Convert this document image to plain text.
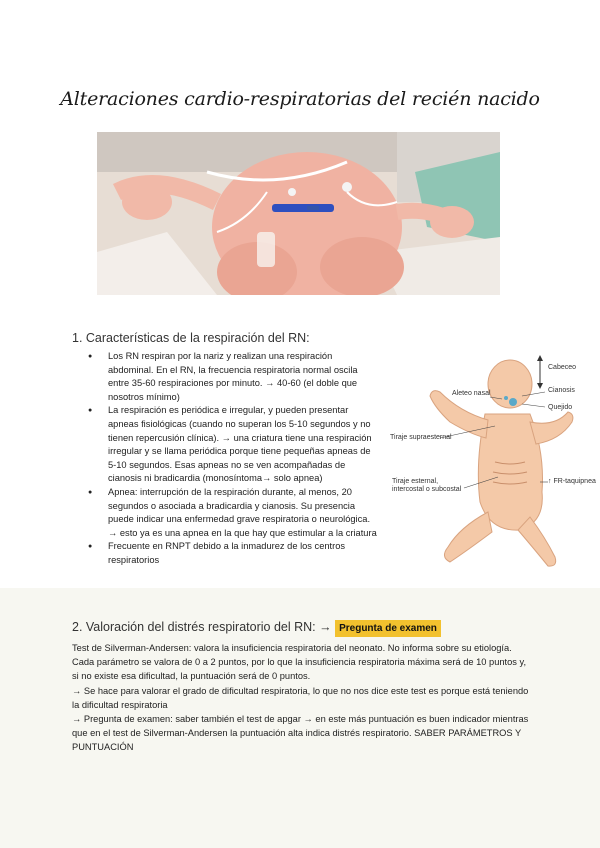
Alteraciones cardio-respiratorias del recién nacido
1. Características de la respiración del RN:
● Los RN respiran por la nariz y realizan una respiración abdominal. En el RN, la frecuencia respiratoria normal oscila entre 35-60 respiraciones por minuto. → 40-60 (el doble que nosotros mínimo)
● La respiración es periódica e irregular, y pueden presentar apneas fisiológicas (cuando no superan los 5-10 segundos y no tienen repercusión clínica). → una criatura tiene una respiración irregular y se llama periódica porque tiene pequeñas apneas de 5-10 segundos. Esas apneas no se ven acompañadas de cianosis ni bradicardia (monosíntoma→ solo apnea)
● Apnea: interrupción de la respiración durante, al menos, 20 segundos o asociada a bradicardia y cianosis. Su presencia puede indicar una enfermedad grave respiratoria o neurológica. → esto ya es una apnea en la que hay que estimular a la criatura
● Frecuente en RNPT debido a la inmadurez de los centros respiratorios
Cabeceo
Aleteo nasal	Cianosis
Quejido
Tiraje supraesternal
Tiraje esternal, intercostal o subcostal
↑ FR-taquipnea
2. Valoración del distrés respiratorio del RN: → Pregunta de examen

Test de Silverman-Andersen: valora la insuficiencia respiratoria del neonato. No informa sobre su etiología. Cada parámetro se valora de 0 a 2 puntos, por lo que la insuficiencia respiratoria máxima será de 10 puntos y, si no existe esa dificultad, la puntuación será de 0 puntos.

→ Se hace para valorar el grado de dificultad respiratoria, lo que no nos dice este test es porque está teniendo la dificultad respiratoria

→ Pregunta de examen: saber también el test de apgar → en este más puntuación es buen indicador mientras que en el test de Silverman-Andersen la puntuación alta indica distrés respiratorio. SABER PARÁMETROS Y PUNTUACIÓN
